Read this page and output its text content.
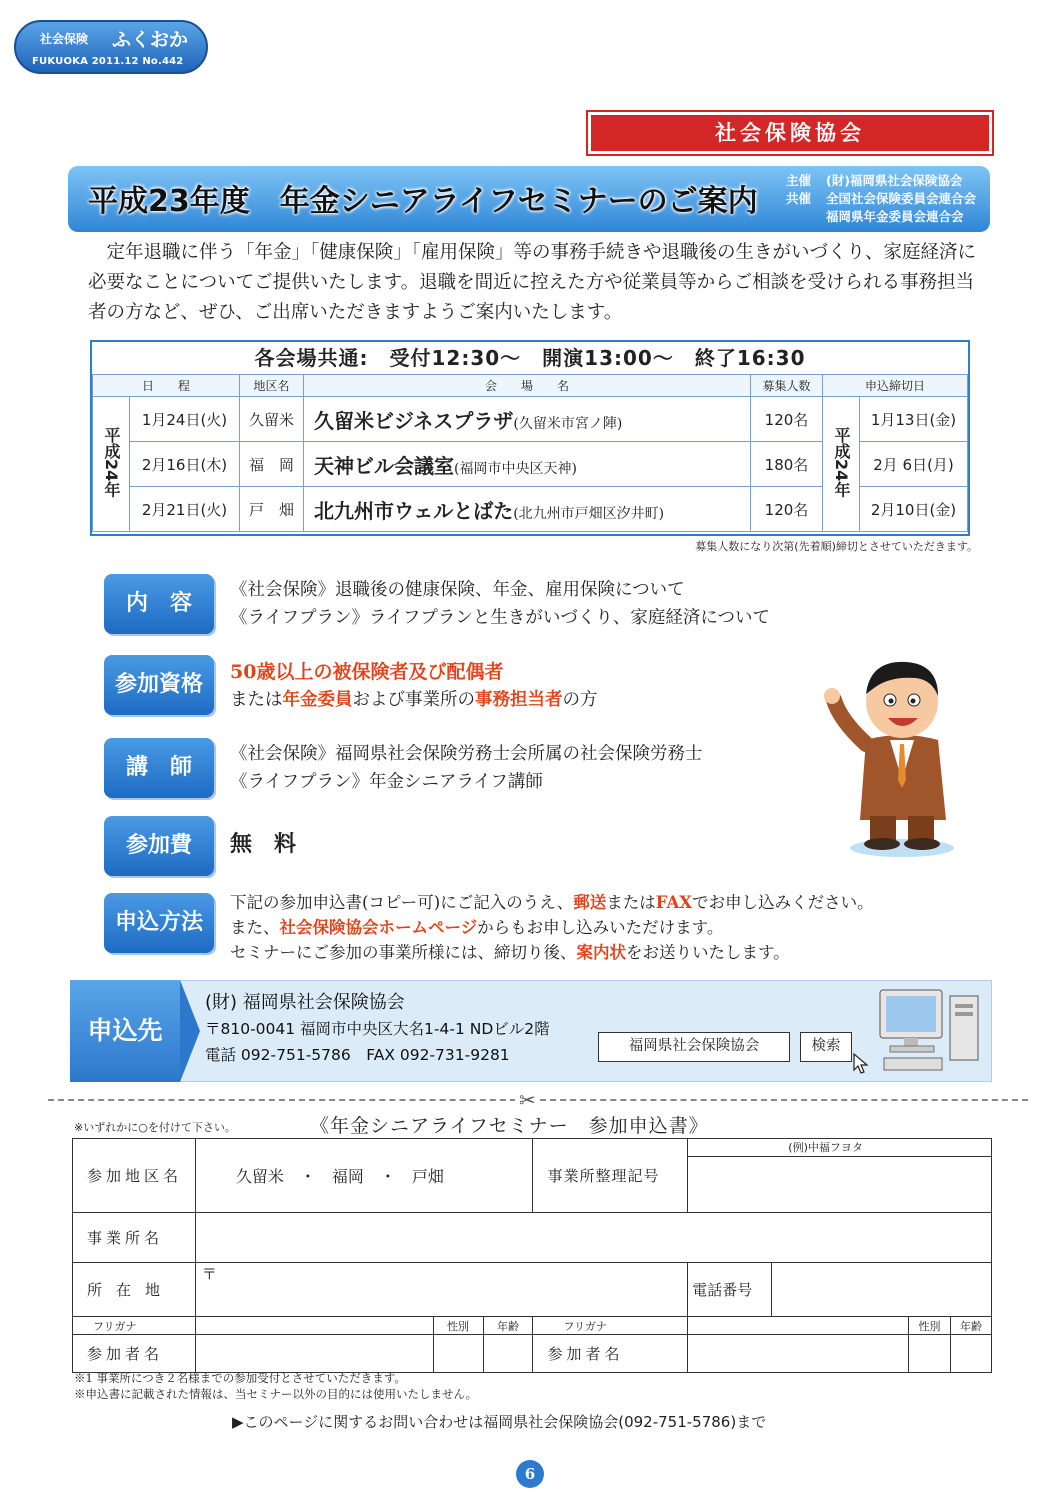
社会保険 ふくおか
FUKUOKA 2011.12 No.442
社会保険協会
平成23年度　年金シニアライフセミナーのご案内
主催 (財)福岡県社会保険協会
共催 全国社会保険委員会連合会
福岡県年金委員会連合会

定年退職に伴う「年金」「健康保険」「雇用保険」等の事務手続きや退職後の生きがいづくり、家庭経済に必要なことについてご提供いたします。退職を間近に控えた方や従業員等からご相談を受けられる事務担当者の方など、ぜひ、ご出席いただきますようご案内いたします。

各会場共通:　受付12:30～　開演13:00～　終了16:30
日　　程		地区名	会　　場　　名	募集人数	申込締切日	
平成24年	1月24日(火)	久留米	久留米ビジネスプラザ(久留米市宮ノ陣)	120名	平成24年	1月13日(金)
	2月16日(木)	福　岡	天神ビル会議室(福岡市中央区天神)	180名		2月 6日(月)
	2月21日(火)	戸　畑	北九州市ウェルとばた(北九州市戸畑区汐井町)	120名		2月10日(金)
募集人数になり次第(先着順)締切とさせていただきます。
内　容
《社会保険》退職後の健康保険、年金、雇用保険について
《ライフプラン》ライフプランと生きがいづくり、家庭経済について
参加資格	50歳以上の被保険者及び配偶者
または年金委員および事業所の事務担当者の方
講　師
《社会保険》福岡県社会保険労務士会所属の社会保険労務士
《ライフプラン》年金シニアライフ講師
参加費	無　料
申込方法
下記の参加申込書(コピー可)にご記入のうえ、郵送またはFAXでお申し込みください。
また、社会保険協会ホームページからもお申し込みいただけます。
セミナーにご参加の事業所様には、締切り後、案内状をお送りいたします。
申込先
(財) 福岡県社会保険協会
〒810-0041 福岡市中央区大名1-4-1 NDビル2階
電話 092-751-5786　FAX 092-731-9281	福岡県社会保険協会	検索
✂
※いずれかに○を付けて下さい。	《年金シニアライフセミナー　参加申込書》
参加地区名	久留米　・　福岡　・　戸畑			事業所整理記号	(例)中福フヨタ			

事業所名								
所在地	〒				電話番号			
フリガナ		性別	年齢	フリガナ			性別	年齢
参加者名				参加者名				
※1 事業所につき２名様までの参加受付とさせていただきます。
※申込書に記載された情報は、当セミナー以外の目的には使用いたしません。
▶このページに関するお問い合わせは福岡県社会保険協会(092-751-5786)まで
6
